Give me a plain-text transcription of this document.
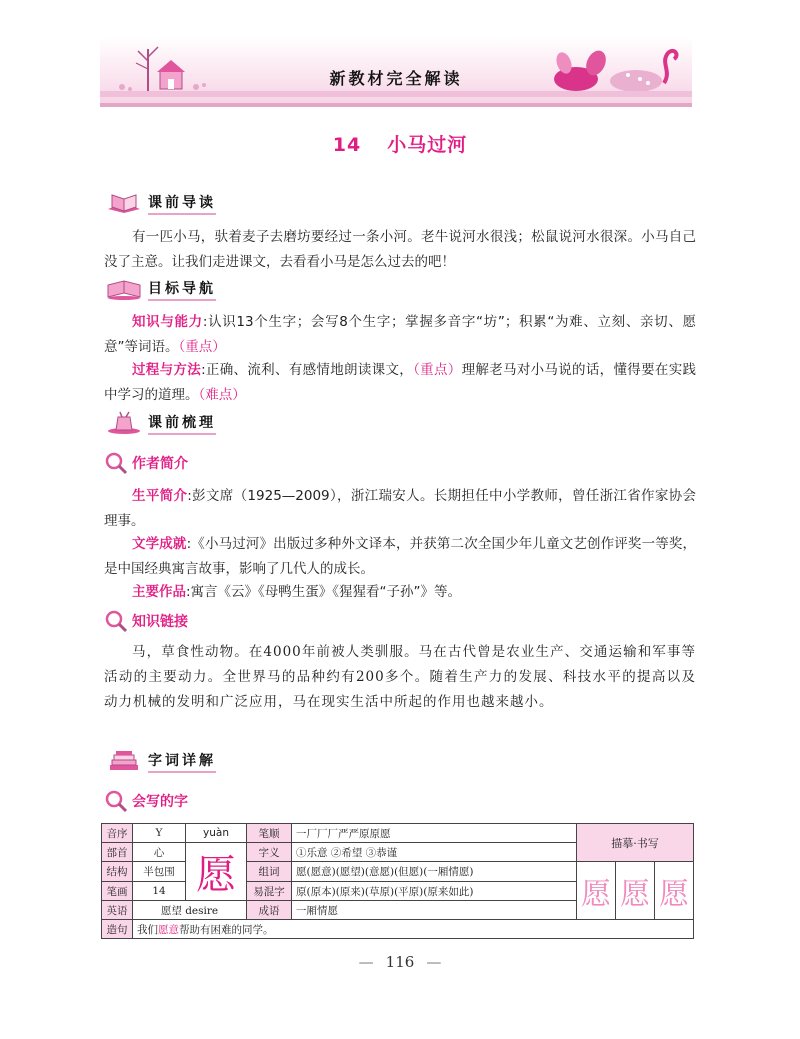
新教材完全解读
14 小马过河
课前导读
有一匹小马，驮着麦子去磨坊要经过一条小河。老牛说河水很浅；松鼠说河水很深。小马自己没了主意。让我们走进课文，去看看小马是怎么过去的吧！
目标导航
知识与能力:认识13个生字；会写8个生字；掌握多音字“坊”；积累“为难、立刻、亲切、愿意”等词语。（重点）
过程与方法:正确、流利、有感情地朗读课文，（重点）理解老马对小马说的话，懂得要在实践中学习的道理。（难点）
课前梳理
作者简介
生平简介:彭文席（1925—2009），浙江瑞安人。长期担任中小学教师，曾任浙江省作家协会理事。
文学成就:《小马过河》出版过多种外文译本，并获第二次全国少年儿童文艺创作评奖一等奖，是中国经典寓言故事，影响了几代人的成长。
主要作品:寓言《云》《母鸭生蛋》《猩猩看“子孙”》等。
知识链接
马，草食性动物。在4000年前被人类驯服。马在古代曾是农业生产、交通运输和军事等活动的主要动力。全世界马的品种约有200多个。随着生产力的发展、科技水平的提高以及动力机械的发明和广泛应用，马在现实生活中所起的作用也越来越小。
字词详解
会写的字
音序	Y	yuàn	笔顺	一厂厂厂严严原原愿	描摹·书写		
部首	心	愿	字义	①乐意 ②希望 ③恭谨			
结构	半包围		组词	愿(愿意)(愿望)(意愿)(但愿)(一厢情愿)	愿	愿	愿
笔画	14		易混字	原(原本)(原来)(草原)(平原)(原来如此)			
英语	愿望 desire		成语	一厢情愿			
造句	我们愿意帮助有困难的同学。						
— 116 —
